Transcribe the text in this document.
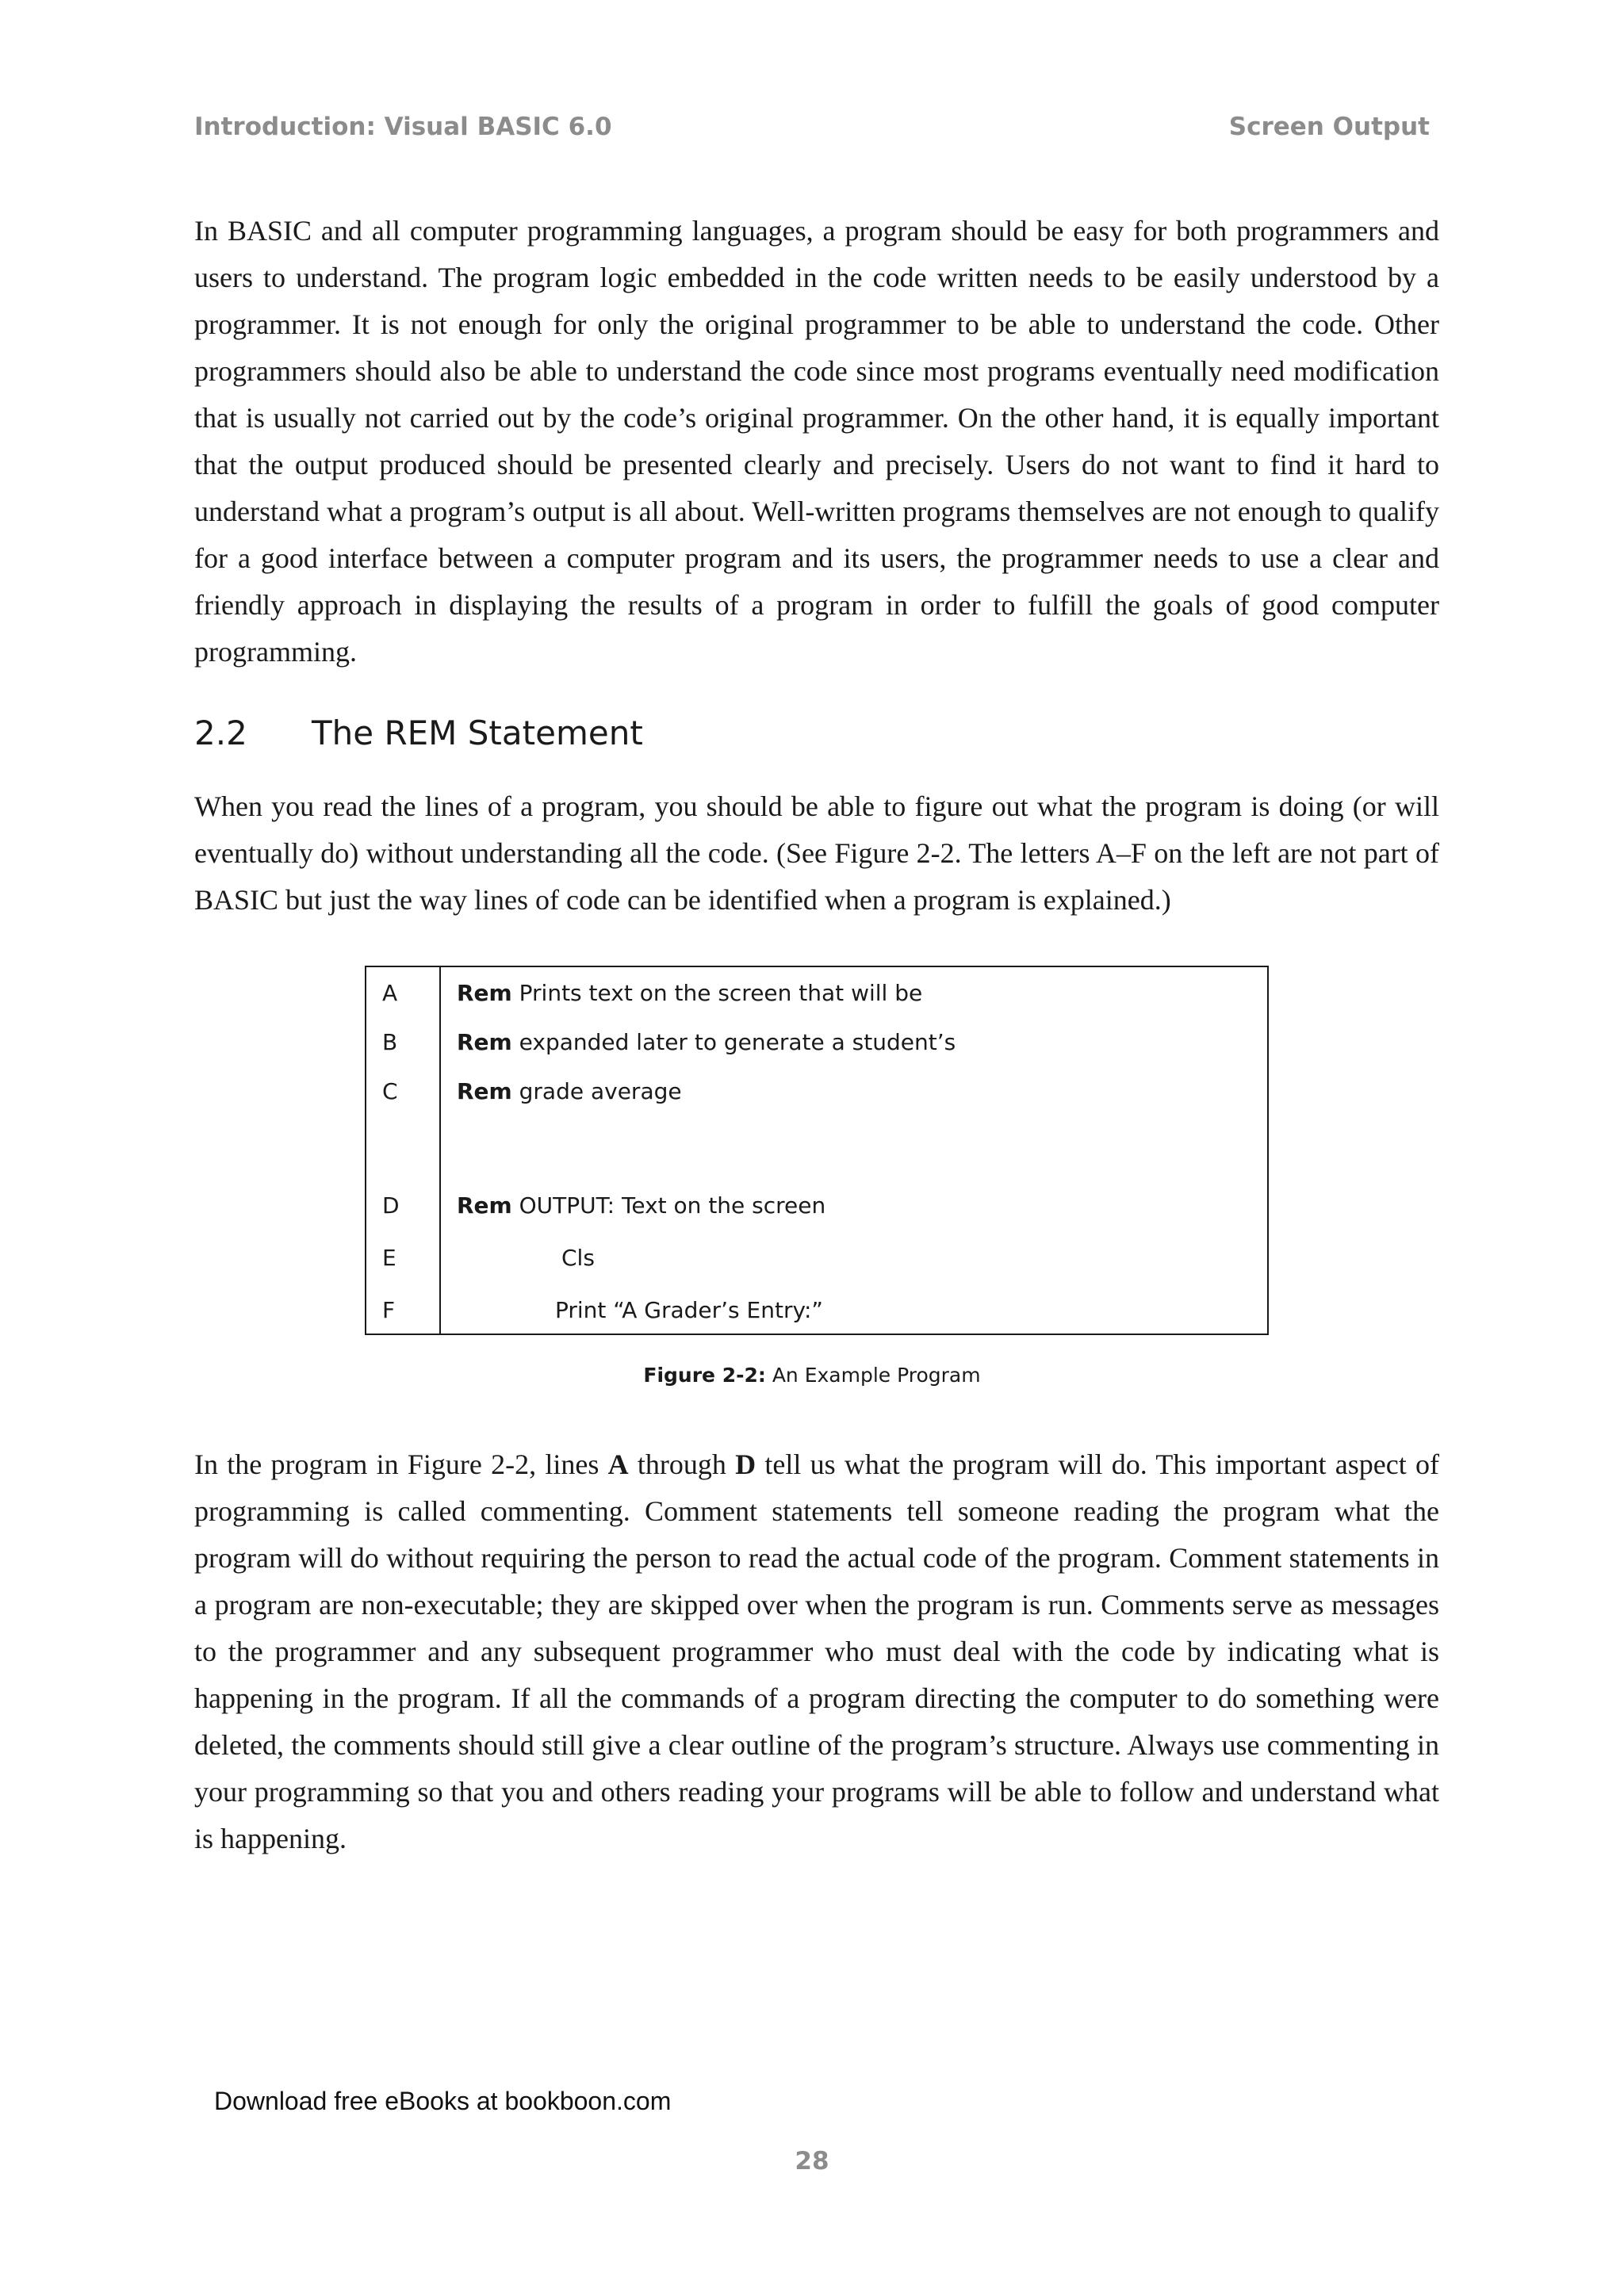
Introduction: Visual BASIC 6.0	Screen Output

In BASIC and all computer programming languages, a program should be easy for both programmers and users to understand. The program logic embedded in the code written needs to be easily understood by a programmer. It is not enough for only the original programmer to be able to understand the code. Other programmers should also be able to understand the code since most programs eventually need modification that is usually not carried out by the code’s original programmer. On the other hand, it is equally important that the output produced should be presented clearly and precisely. Users do not want to find it hard to understand what a program’s output is all about. Well-written programs themselves are not enough to qualify for a good interface between a computer program and its users, the programmer needs to use a clear and friendly approach in displaying the results of a program in order to fulfill the goals of good computer programming.

2.2 The REM Statement

When you read the lines of a program, you should be able to figure out what the program is doing (or will eventually do) without understanding all the code. (See Figure 2-2. The letters A–F on the left are not part of BASIC but just the way lines of code can be identified when a program is explained.)

A	Rem Prints text on the screen that will be
B	Rem expanded later to generate a student’s
C	Rem grade average
D	Rem OUTPUT: Text on the screen
E	Cls
F	Print “A Grader’s Entry:”
Figure 2-2: An Example Program

In the program in Figure 2-2, lines A through D tell us what the program will do. This important aspect of programming is called commenting. Comment statements tell someone reading the program what the program will do without requiring the person to read the actual code of the program. Comment statements in a program are non-executable; they are skipped over when the program is run. Comments serve as messages to the programmer and any subsequent programmer who must deal with the code by indicating what is happening in the program. If all the commands of a program directing the computer to do something were deleted, the comments should still give a clear outline of the program’s structure. Always use commenting in your programming so that you and others reading your programs will be able to follow and understand what is happening.

Download free eBooks at bookboon.com
28
